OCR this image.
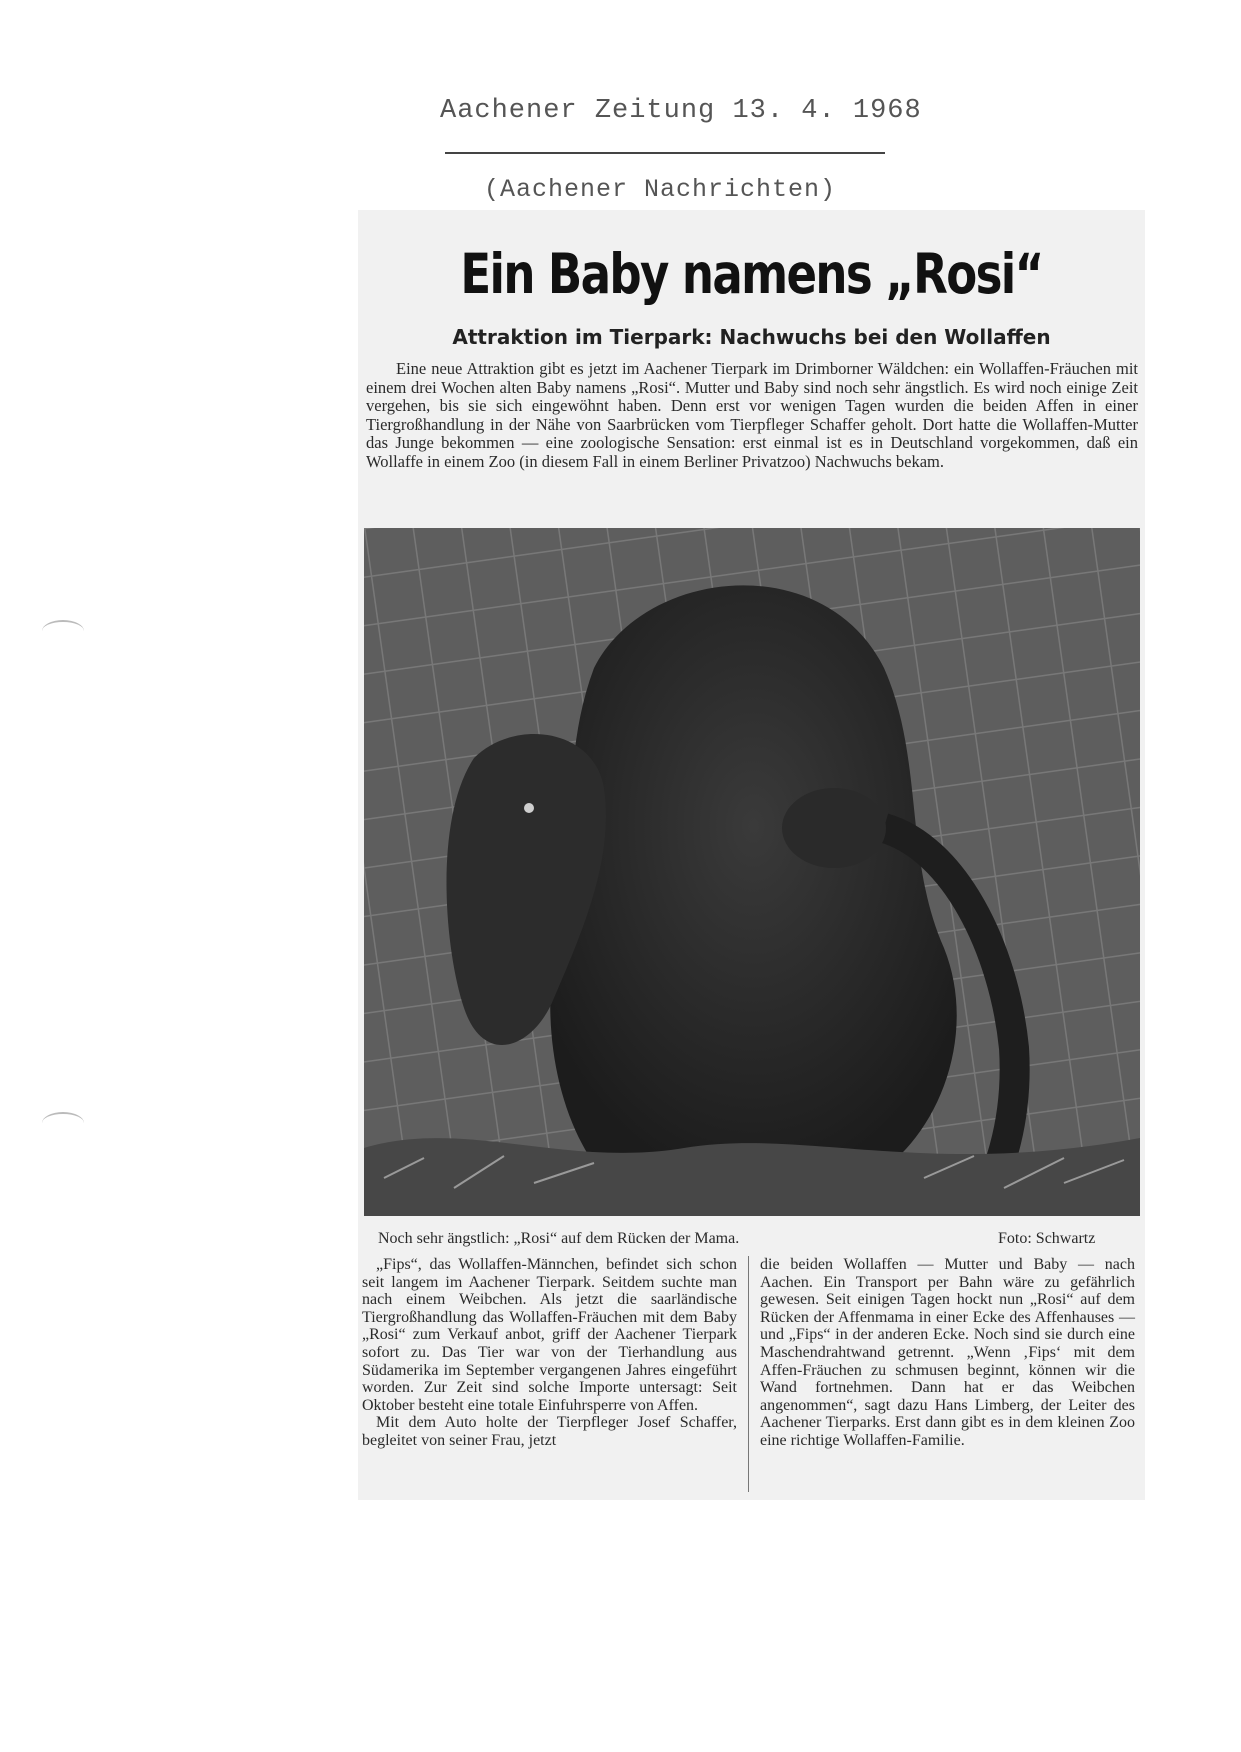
Aachener Zeitung 13. 4. 1968
(Aachener Nachrichten)
Ein Baby namens „Rosi“
Attraktion im Tierpark: Nachwuchs bei den Wollaffen
Eine neue Attraktion gibt es jetzt im Aachener Tierpark im Drimborner Wäldchen: ein Wollaffen-Fräuchen mit einem drei Wochen alten Baby namens „Rosi“. Mutter und Baby sind noch sehr ängstlich. Es wird noch einige Zeit vergehen, bis sie sich eingewöhnt haben. Denn erst vor wenigen Tagen wurden die beiden Affen in einer Tiergroßhandlung in der Nähe von Saarbrücken vom Tierpfleger Schaffer geholt. Dort hatte die Wollaffen-Mutter das Junge bekommen — eine zoologische Sensation: erst einmal ist es in Deutschland vorgekommen, daß ein Wollaffe in einem Zoo (in diesem Fall in einem Berliner Privatzoo) Nachwuchs bekam.
Noch sehr ängstlich: „Rosi“ auf dem Rücken der Mama.	Foto: Schwartz

„Fips“, das Wollaffen-Männchen, befindet sich schon seit langem im Aachener Tierpark. Seitdem suchte man nach einem Weibchen. Als jetzt die saarländische Tiergroßhandlung das Wollaffen-Fräuchen mit dem Baby „Rosi“ zum Verkauf anbot, griff der Aachener Tierpark sofort zu. Das Tier war von der Tierhandlung aus Südamerika im September vergangenen Jahres eingeführt worden. Zur Zeit sind solche Importe untersagt: Seit Oktober besteht eine totale Einfuhrsperre von Affen.

Mit dem Auto holte der Tierpfleger Josef Schaffer, begleitet von seiner Frau, jetzt

die beiden Wollaffen — Mutter und Baby — nach Aachen. Ein Transport per Bahn wäre zu gefährlich gewesen. Seit einigen Tagen hockt nun „Rosi“ auf dem Rücken der Affenmama in einer Ecke des Affenhauses — und „Fips“ in der anderen Ecke. Noch sind sie durch eine Maschendrahtwand getrennt. „Wenn ‚Fips‘ mit dem Affen-Fräuchen zu schmusen beginnt, können wir die Wand fortnehmen. Dann hat er das Weibchen angenommen“, sagt dazu Hans Limberg, der Leiter des Aachener Tierparks. Erst dann gibt es in dem kleinen Zoo eine richtige Wollaffen-Familie.
